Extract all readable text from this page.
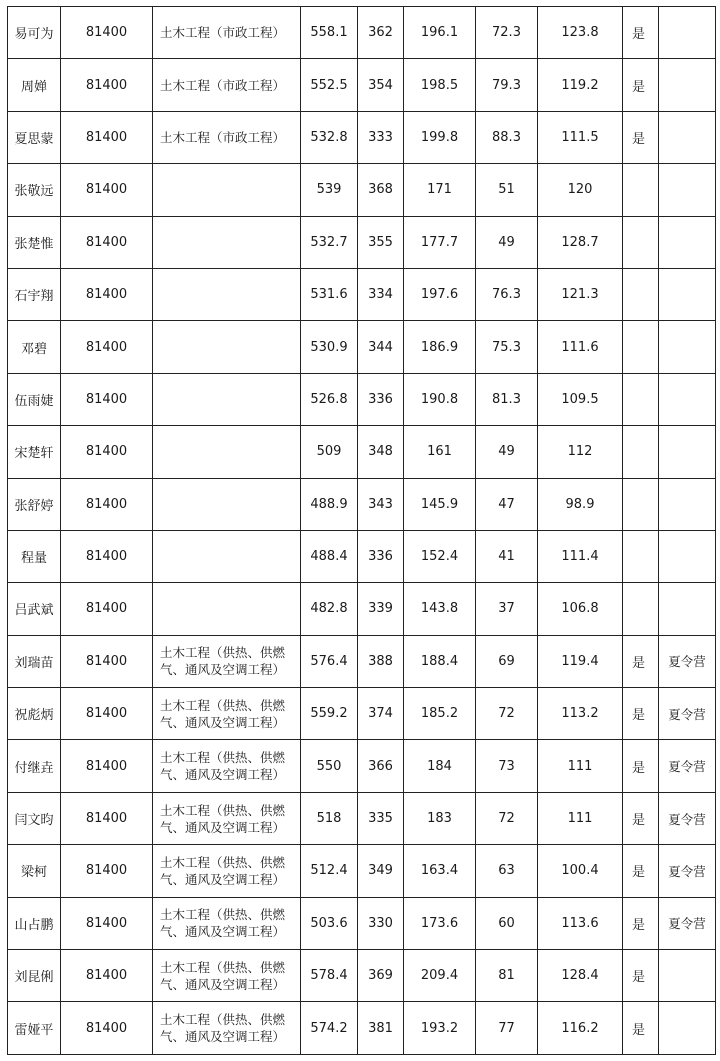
易可为	81400	土木工程（市政工程）	558.1	362	196.1	72.3	123.8	是	
周婵	81400	土木工程（市政工程）	552.5	354	198.5	79.3	119.2	是	
夏思蒙	81400	土木工程（市政工程）	532.8	333	199.8	88.3	111.5	是	
张敬远	81400		539	368	171	51	120		
张楚惟	81400		532.7	355	177.7	49	128.7		
石宇翔	81400		531.6	334	197.6	76.3	121.3		
邓碧	81400		530.9	344	186.9	75.3	111.6		
伍雨婕	81400		526.8	336	190.8	81.3	109.5		
宋楚轩	81400		509	348	161	49	112		
张舒婷	81400		488.9	343	145.9	47	98.9		
程量	81400		488.4	336	152.4	41	111.4		
吕武斌	81400		482.8	339	143.8	37	106.8		
刘瑞苗	81400	土木工程（供热、供燃
气、通风及空调工程）	576.4	388	188.4	69	119.4	是	夏令营
祝彪炳	81400	土木工程（供热、供燃
气、通风及空调工程）	559.2	374	185.2	72	113.2	是	夏令营
付继垚	81400	土木工程（供热、供燃
气、通风及空调工程）	550	366	184	73	111	是	夏令营
闫文昀	81400	土木工程（供热、供燃
气、通风及空调工程）	518	335	183	72	111	是	夏令营
梁柯	81400	土木工程（供热、供燃
气、通风及空调工程）	512.4	349	163.4	63	100.4	是	夏令营
山占鹏	81400	土木工程（供热、供燃
气、通风及空调工程）	503.6	330	173.6	60	113.6	是	夏令营
刘昆俐	81400	土木工程（供热、供燃
气、通风及空调工程）	578.4	369	209.4	81	128.4	是	
雷娅平	81400	土木工程（供热、供燃
气、通风及空调工程）	574.2	381	193.2	77	116.2	是	
